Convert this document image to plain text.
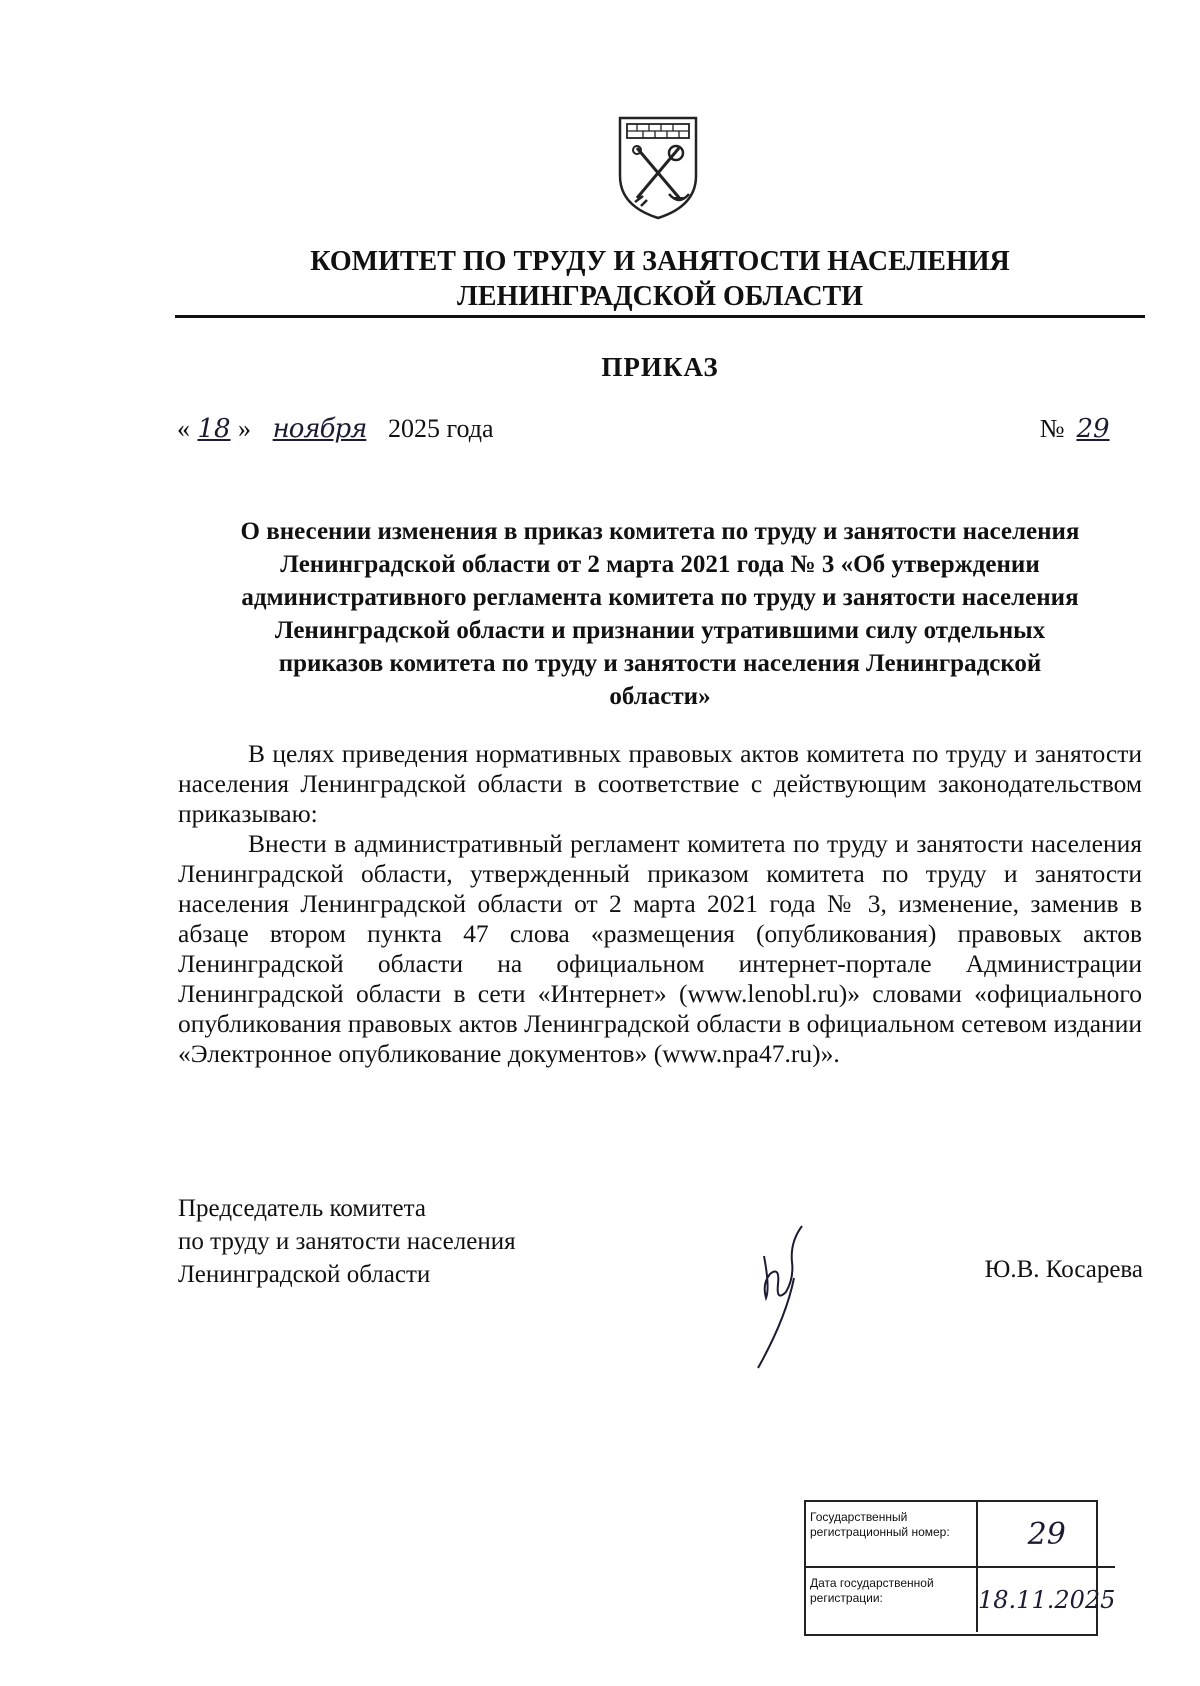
КОМИТЕТ ПО ТРУДУ И ЗАНЯТОСТИ НАСЕЛЕНИЯ
ЛЕНИНГРАДСКОЙ ОБЛАСТИ
ПРИКАЗ
« 18 » ноября 2025 года	№ 29
О внесении изменения в приказ комитета по труду и занятости населения
Ленинградской области от 2 марта 2021 года № 3 «Об утверждении
административного регламента комитета по труду и занятости населения
Ленинградской области и признании утратившими силу отдельных
приказов комитета по труду и занятости населения Ленинградской
области»

В целях приведения нормативных правовых актов комитета по труду и занятости населения Ленинградской области в соответствие с действующим законодательством приказываю:

Внести в административный регламент комитета по труду и занятости населения Ленинградской области, утвержденный приказом комитета по труду и занятости населения Ленинградской области от 2 марта 2021 года № 3, изменение, заменив в абзаце втором пункта 47 слова «размещения (опубликования) правовых актов Ленинградской области на официальном интернет-портале Администрации Ленинградской области в сети «Интернет» (www.lenobl.ru)» словами «официального опубликования правовых актов Ленинградской области в официальном сетевом издании «Электронное опубликование документов» (www.npa47.ru)».

Председатель комитета
по труду и занятости населения
Ленинградской области	Ю.В. Косарева
Государственный регистрационный номер:	29
Дата государственной регистрации:	18.11.2025
